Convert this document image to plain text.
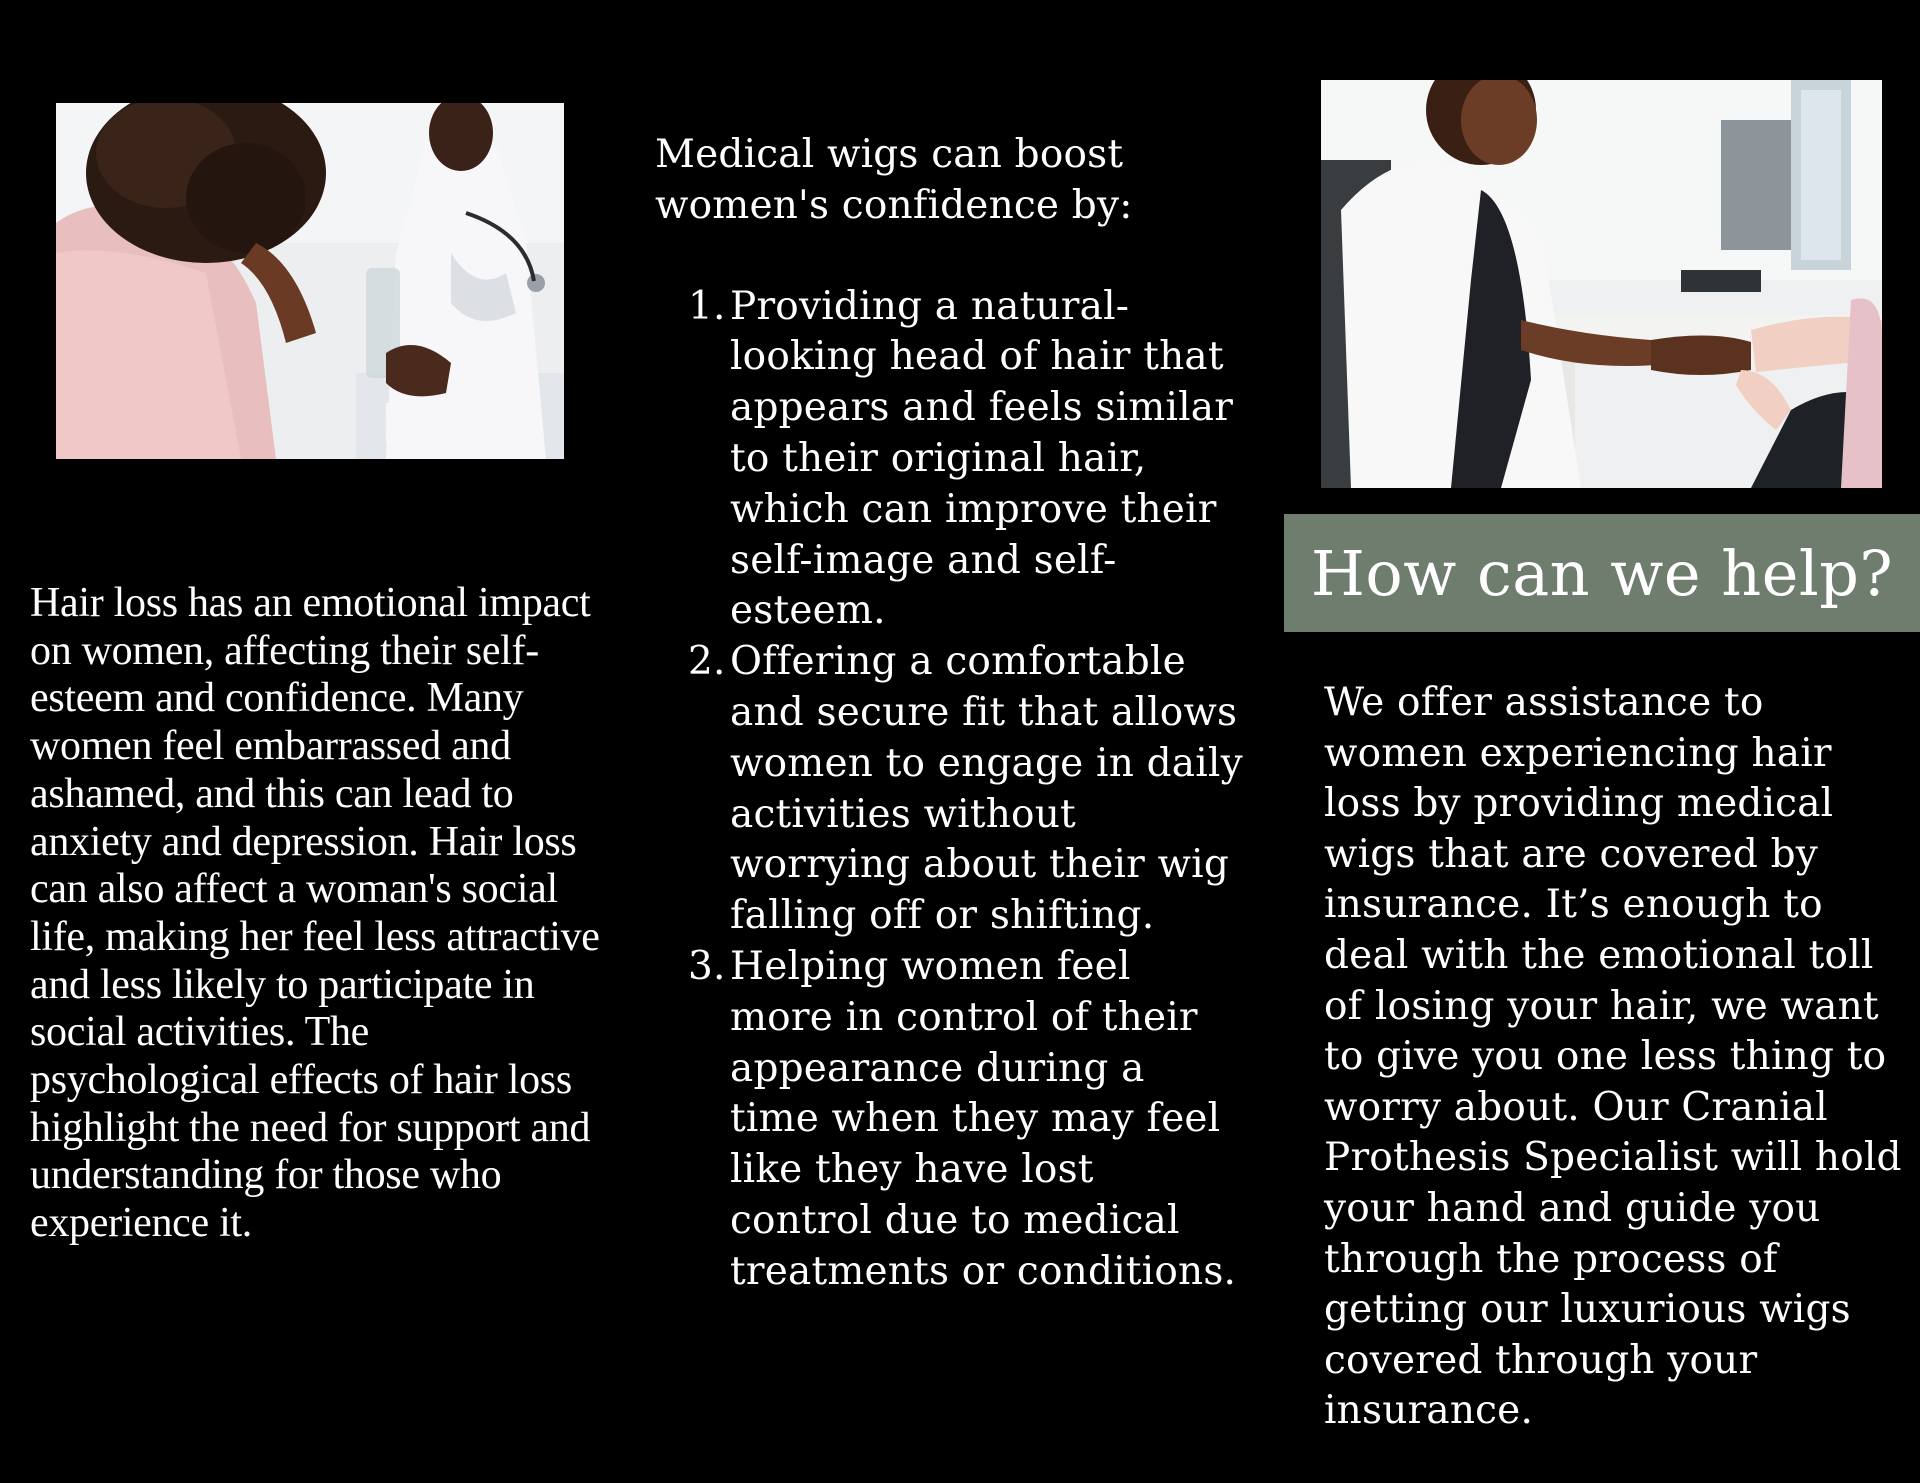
Hair loss has an emotional impact on women, affecting their self-esteem and confidence. Many women feel embarrassed and ashamed, and this can lead to anxiety and depression. Hair loss can also affect a woman's social life, making her feel less attractive and less likely to participate in social activities. The psychological effects of hair loss highlight the need for support and understanding for those who experience it.

Medical wigs can boost women's confidence by:

1. Providing a natural-looking head of hair that appears and feels similar to their original hair, which can improve their self-image and self-esteem.
2. Offering a comfortable and secure fit that allows women to engage in daily activities without worrying about their wig falling off or shifting.
3. Helping women feel more in control of their appearance during a time when they may feel like they have lost control due to medical treatments or conditions.
How can we help?

We offer assistance to women experiencing hair loss by providing medical wigs that are covered by insurance. It’s enough to deal with the emotional toll of losing your hair, we want to give you one less thing to worry about. Our Cranial Prothesis Specialist will hold your hand and guide you through the process of getting our luxurious wigs covered through your insurance.
